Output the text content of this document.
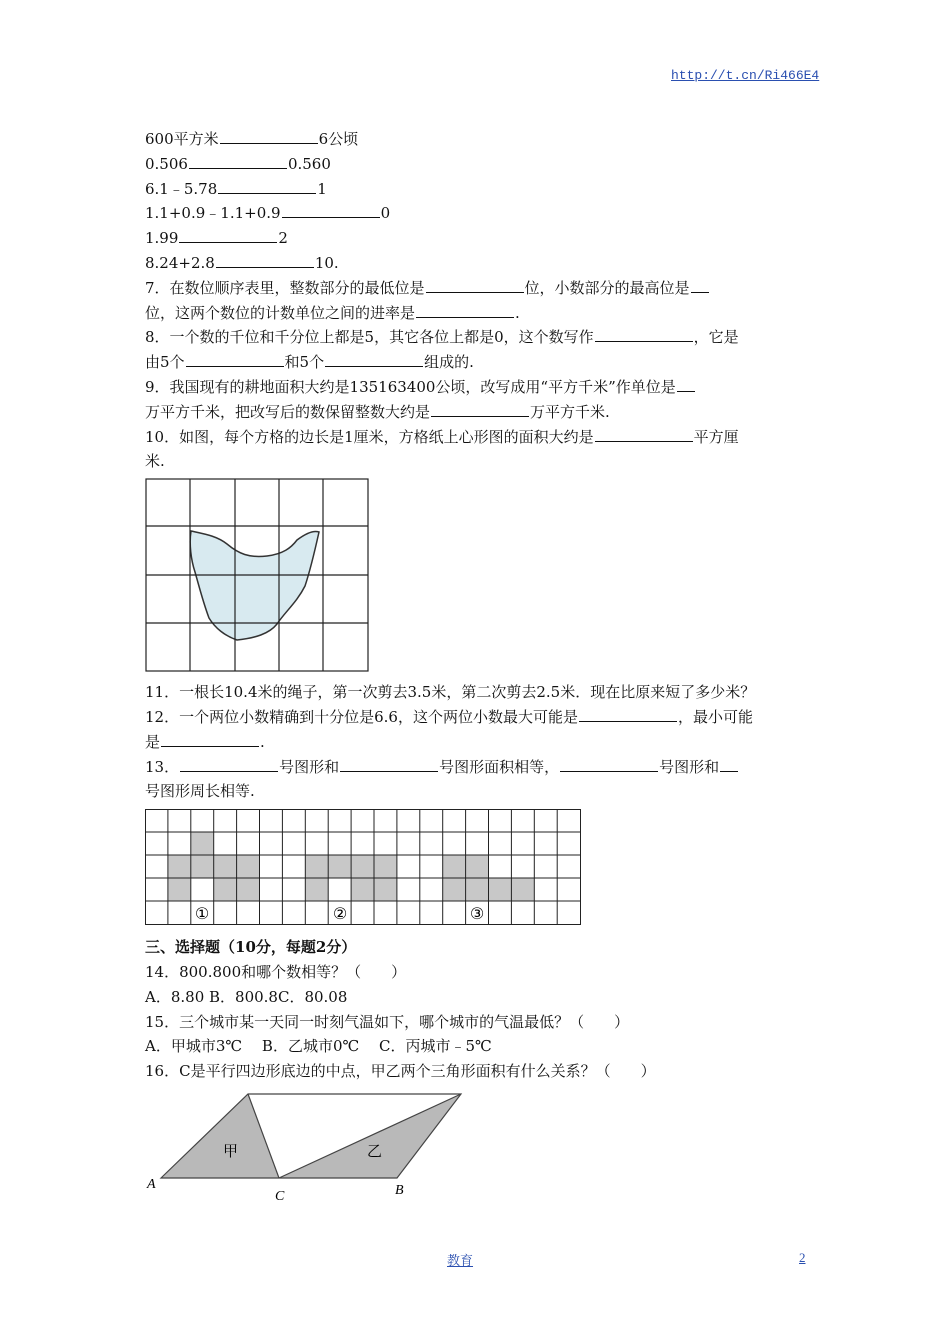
http://t.cn/Ri466E4
600平方米	6公顷
0.506	0.560
6.1﹣5.78	1
1.1+0.9﹣1.1+0.9	0
1.99	2
8.24+2.8	10.
7．在数位顺序表里，整数部分的最低位是	位，小数部分的最高位是
位，这两个数位的计数单位之间的进率是	.
8．一个数的千位和千分位上都是5，其它各位上都是0，这个数写作	，它是
由5个	和5个	组成的.
9．我国现有的耕地面积大约是135163400公顷，改写成用“平方千米”作单位是
万平方千米，把改写后的数保留整数大约是	万平方千米.
10．如图，每个方格的边长是1厘米，方格纸上心形图的面积大约是	平方厘
米.
11．一根长10.4米的绳子，第一次剪去3.5米，第二次剪去2.5米．现在比原来短了多少米？
12．一个两位小数精确到十分位是6.6，这个两位小数最大可能是	，最小可能
是	.
13．	号图形和	号图形面积相等，	号图形和
号图形周长相等.
①	②	③
三、选择题（10分，每题2分）
14．800.800和哪个数相等？（　　）
A．8.80 B．800.8C．80.08
15．三个城市某一天同一时刻气温如下，哪个城市的气温最低？（　　）
A．甲城市3℃　 B．乙城市0℃　 C．丙城市﹣5℃
16．C是平行四边形底边的中点，甲乙两个三角形面积有什么关系？（　　）
甲	乙
A
C	B
教育	2
